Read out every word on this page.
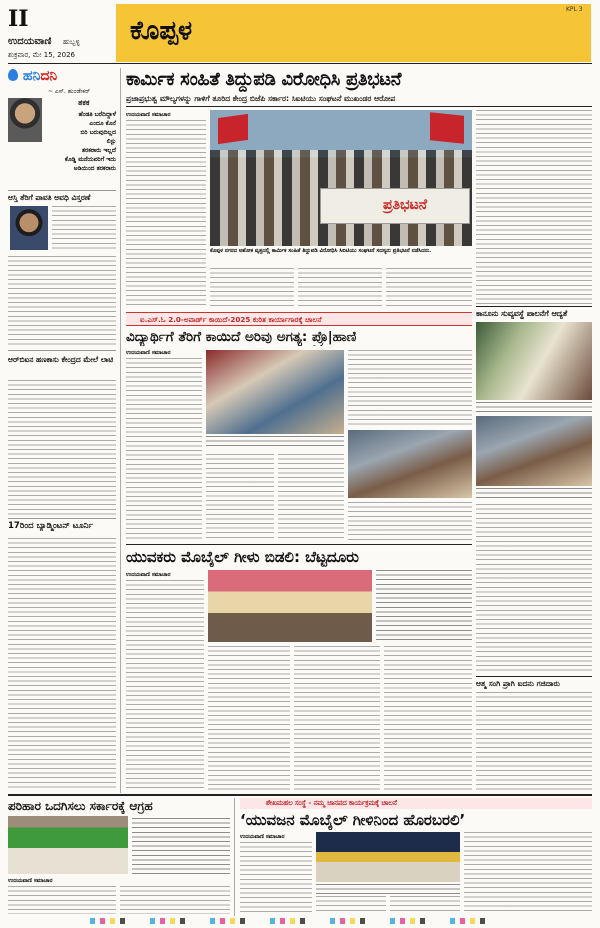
II
ಉದಯವಾಣಿ ಹುಬ್ಬಳ್ಳಿ
ಶುಕ್ರವಾರ, ಮೇ 15, 2026
ಕೊಪ್ಪಳ
KPL 3
ಹನಿದನಿ
~ ಎಸ್. ಹುಂಡೇಕರ್
ತಕಕ
ಹೆಂಡತಿ ಬರೆದಿದ್ದಾಳೆ
ಎಂದೂ ಕೊನೆ
ಬಿರಿ ಬರುವುದಿಲ್ಲದ
ಲಿಸ್ಟು
ತರಕರಾರು ಇಲ್ಲದೆ
ಕೊಡ್ಡಿ ಮನೆಯವರಿಗೆ ಇದು
ಅಡಿಯಿಂದ ತರಕರಾರು
ಆಸ್ತಿ ತೆರಿಗೆ ಪಾವತಿ ಅವಧಿ ವಿಸ್ತರಣೆ
ಆರ್‌ಬಿಐನ ಹಣಕಾಸು ಕೇಂದ್ರದ ಮೇಲೆ ಲಾಟಿ
17ರಿಂದ ಬ್ಯಾಡ್ಮಿಂಟನ್ ಟೂರ್ನಿ
ಕಾರ್ಮಿಕ ಸಂಹಿತೆ ತಿದ್ದುಪಡಿ ವಿರೋಧಿಸಿ ಪ್ರತಿಭಟನೆ
ಪ್ರಜಾಪ್ರಭುತ್ವ ಮೌಲ್ಯಗಳನ್ನು ಗಾಳಿಗೆ ತೂರಿದ ಕೇಂದ್ರ ಬಿಜೆಪಿ ಸರ್ಕಾರ: ಸಿಐಟಿಯು ಸಂಘಟನೆ ಮುಖಂಡರ ಆರೋಪ
ಉದಯವಾಣಿ ಸಮಾಚಾರ
ಪ್ರತಿಭಟನೆ
ಕೊಪ್ಪಳ ನಗರದ ಅಶೋಕ ವೃತ್ತದಲ್ಲಿ ಕಾರ್ಮಿಕ ಸಂಹಿತೆ ತಿದ್ದುಪಡಿ ವಿರೋಧಿಸಿ ಸಿಐಟಿಯು ಸಂಘಟನೆ ಸದಸ್ಯರು ಪ್ರತಿಭಟನೆ ನಡೆಸಿದರು.
ಕಾನೂನು ಸುವ್ಯವಸ್ಥೆ ಪಾಲನೆಗೆ ಆದ್ಯತೆ
ಐ.ಎಸ್.ಓ 2.0-ಅವಾರ್ಡ್ ಕಾಯಿದೆ-2025 ಕುರಿತ ಕಾರ್ಯಾಗಾರಕ್ಕೆ ಚಾಲನೆ
ವಿದ್ಯಾರ್ಥಿಗೆ ತೆರಿಗೆ ಕಾಯಿದೆ ಅರಿವು ಅಗತ್ಯ: ಪ್ರೊ|ಹಾಣಿ
ಉದಯವಾಣಿ ಸಮಾಚಾರ
ಯುವಕರು ಮೊಬೈಲ್ ಗೀಳು ಬಿಡಲಿ: ಬೆಟ್ಟದೂರು
ಉದಯವಾಣಿ ಸಮಾಚಾರ
ಆತ್ಮ ಸಂಗಿ ಪ್ರಾಗಿ ಐದನು ಗಜಿದಾರು
ಪರಿಹಾರ ಒದಗಿಸಲು ಸರ್ಕಾರಕ್ಕೆ ಆಗ್ರಹ
ಉದಯವಾಣಿ ಸಮಾಚಾರ
ಶೇಖಮಹಲ ಸಂಸ್ಥೆ - ನಮ್ಮ ಜಾನಪದ ಕಾರ್ಯಕ್ರಮಕ್ಕೆ ಚಾಲನೆ
‘ಯುವಜನ ಮೊಬೈಲ್ ಗೀಳಿನಿಂದ ಹೊರಬರಲಿ’
ಉದಯವಾಣಿ ಸಮಾಚಾರ
